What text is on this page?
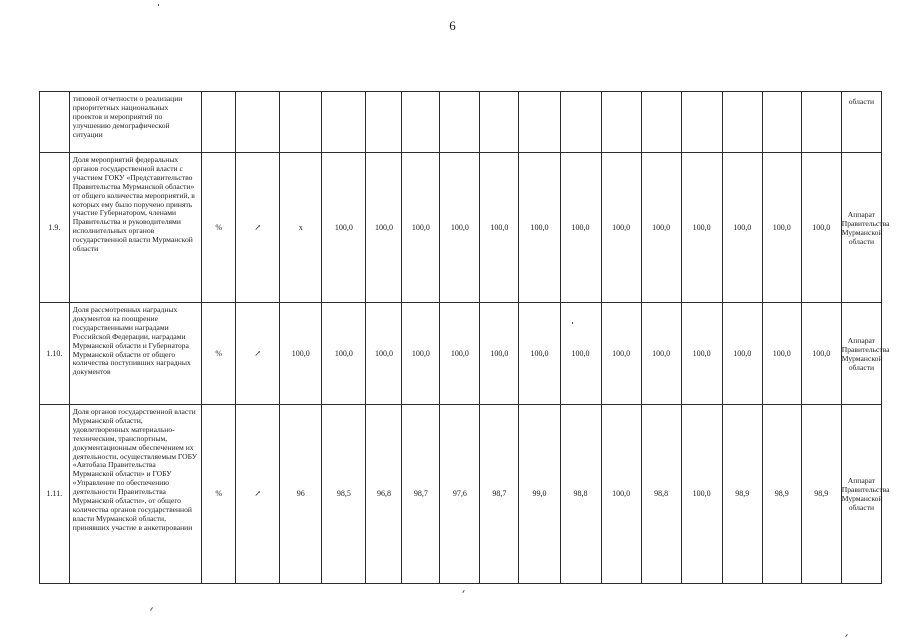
6
	типовой отчетности о реализации приоритетных национальных проектов и мероприятий по улучшению демографической ситуации																	области
1.9.	Доля мероприятий федеральных органов государственной власти с участием ГОКУ «Представительство Правительства Мурманской области» от общего количества мероприятий, в которых ему было поручено принять участие Губернатором, членами Правительства и руководителями исполнительных органов государственной власти Мурманской области	%	↗	x	100,0	100,0	100,0	100,0	100,0	100,0	100,0	100,0	100,0	100,0	100,0	100,0	100,0	Аппарат Правительства Мурманской области
1.10.	Доля рассмотренных наградных документов на поощрение государственными наградами Российской Федерации, наградами Мурманской области и Губернатора Мурманской области от общего количества поступивших наградных документов	%	↗	100,0	100,0	100,0	100,0	100,0	100,0	100,0	100,0	100,0	100,0	100,0	100,0	100,0	100,0	Аппарат Правительства Мурманской области
1.11.	Доля органов государственной власти Мурманской области, удовлетворенных материально-техническим, транспортным, документационным обеспечением их деятельности, осуществляемым ГОБУ «Автобаза Правительства Мурманской области» и ГОБУ «Управление по обеспечению деятельности Правительства Мурманской области», от общего количества органов государственной власти Мурманской области, принявших участие в анкетировании	%	↗	96	98,5	96,8	98,7	97,6	98,7	99,0	98,8	100,0	98,8	100,0	98,9	98,9	98,9	Аппарат Правительства Мурманской области
